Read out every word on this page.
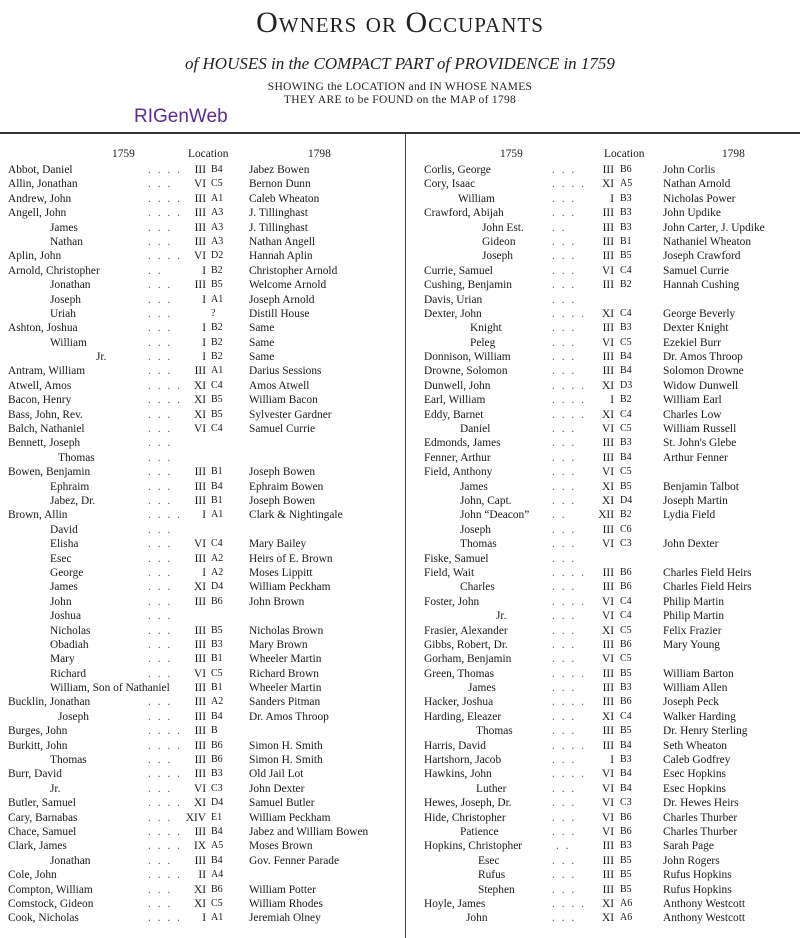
Owners or Occupants
of HOUSES in the COMPACT PART of PROVIDENCE in 1759
SHOWING the LOCATION and IN WHOSE NAMES
THEY ARE to be FOUND on the MAP of 1798
RIGenWeb
1759	Location	1798
Abbot, Daniel	. . . .	III B4 Jabez Bowen
Allin, Jonathan	. . .	VI C5 Bernon Dunn
Andrew, John	. . . .	III A1 Caleb Wheaton
Angell, John	. . . .	III A3 J. Tillinghast
James	. . .	III A3 J. Tillinghast
Nathan	. . .	III A3 Nathan Angell
Aplin, John	. . . .	VI D2 Hannah Aplin
Arnold, Christopher	. .	I B2 Christopher Arnold
Jonathan	. . .	III B5 Welcome Arnold
Joseph	. . .	I A1 Joseph Arnold
Uriah	. . .	?	Distill House
Ashton, Joshua	. . .	I B2 Same
William	. . .	I B2 Same
Jr.	. . .	I B2 Same
Antram, William	. . .	III A1 Darius Sessions
Atwell, Amos	. . . .	XI C4 Amos Atwell
Bacon, Henry	. . . .	XI B5 William Bacon
Bass, John, Rev.	. . .	XI B5 Sylvester Gardner
Balch, Nathaniel	. . .	VI C4 Samuel Currie
Bennett, Joseph	. . .
Thomas	. . .
Bowen, Benjamin	. . .	III B1 Joseph Bowen
Ephraim	. . .	III B4 Ephraim Bowen
Jabez, Dr.	. . .	III B1 Joseph Bowen
Brown, Allin	. . . .	I A1 Clark & Nightingale
David	. . .
Elisha	. . .	VI C4 Mary Bailey
Esec	. . .	III A2 Heirs of E. Brown
George	. . .	I A2 Moses Lippitt
James	. . .	XI D4 William Peckham
John	. . .	III B6 John Brown
Joshua	. . .
Nicholas	. . .	III B5 Nicholas Brown
Obadiah	. . .	III B3 Mary Brown
Mary	. . .	III B1 Wheeler Martin
Richard	. . .	VI C5 Richard Brown
William, Son of Nathaniel	III B1 Wheeler Martin
Bucklin, Jonathan	. . .	III A2 Sanders Pitman
Joseph	. . .	III B4 Dr. Amos Throop
Burges, John	. . . .	III B
Burkitt, John	. . . .	III B6 Simon H. Smith
Thomas	. . .	III B6 Simon H. Smith
Burr, David	. . . .	III B3 Old Jail Lot
Jr.	. . .	VI C3 John Dexter
Butler, Samuel	. . . .	XI D4 Samuel Butler
Cary, Barnabas	. . .	XIV E1 William Peckham
Chace, Samuel	. . . .	III B4 Jabez and William Bowen
Clark, James	. . . .	IX A5 Moses Brown
Jonathan	. . .	III B4 Gov. Fenner Parade
Cole, John	. . . .	II A4
Compton, William	. . .	XI B6 William Potter
Comstock, Gideon	. . .	XI C5 William Rhodes
Cook, Nicholas	. . . .	I A1 Jeremiah Olney
1759	Location	1798
Corlis, George	. . .	III B6	John Corlis
Cory, Isaac	. . . .	XI A5	Nathan Arnold
William	. . .	I B3	Nicholas Power
Crawford, Abijah	. . .	III B3	John Updike
John Est. . .	III B3	John Carter, J. Updike
Gideon	. . .	III B1	Nathaniel Wheaton
Joseph	. . .	III B5	Joseph Crawford
Currie, Samuel	. . .	VI C4	Samuel Currie
Cushing, Benjamin	. . .	III B2	Hannah Cushing
Davis, Urian	. . .
Dexter, John	. . . .	XI C4	George Beverly
Knight	. . .	III B3	Dexter Knight
Peleg	. . .	VI C5	Ezekiel Burr
Donnison, William	. . .	III B4	Dr. Amos Throop
Drowne, Solomon	. . .	III B4	Solomon Drowne
Dunwell, John	. . . .	XI D3	Widow Dunwell
Earl, William	. . . .	I B2	William Earl
Eddy, Barnet	. . . .	XI C4	Charles Low
Daniel	. . .	VI C5	William Russell
Edmonds, James	. . .	III B3	St. John's Glebe
Fenner, Arthur	. . .	III B4	Arthur Fenner
Field, Anthony	. . .	VI C5
James	. . .	XI B5	Benjamin Talbot
John, Capt.	. . .	XI D4	Joseph Martin
John “Deacon” . .	XII B2	Lydia Field
Joseph	. . .	III C6
Thomas	. . .	VI C3	John Dexter
Fiske, Samuel	. . .
Field, Wait	. . . .	III B6	Charles Field Heirs
Charles	. . .	III B6	Charles Field Heirs
Foster, John	. . . .	VI C4	Philip Martin
Jr.	. . .	VI C4	Philip Martin
Frasier, Alexander	. . .	XI C5	Felix Frazier
Gibbs, Robert, Dr.	. . .	III B6	Mary Young
Gorham, Benjamin	. . .	VI C5
Green, Thomas	. . . .	III B5	William Barton
James	. . .	III B3	William Allen
Hacker, Joshua	. . . .	III B6	Joseph Peck
Harding, Eleazer	. . .	XI C4	Walker Harding
Thomas	. . .	III B5	Dr. Henry Sterling
Harris, David	. . . .	III B4	Seth Wheaton
Hartshorn, Jacob	. . .	I B3	Caleb Godfrey
Hawkins, John	. . . .	VI B4	Esec Hopkins
Luther	. . .	VI B4	Esec Hopkins
Hewes, Joseph, Dr.	. . .	VI C3	Dr. Hewes Heirs
Hide, Christopher	. . .	VI B6	Charles Thurber
Patience	. . .	VI B6	Charles Thurber
Hopkins, Christopher	. .	III B3	Sarah Page
Esec	. . .	III B5	John Rogers
Rufus	. . .	III B5	Rufus Hopkins
Stephen	. . .	III B5	Rufus Hopkins
Hoyle, James	. . . .	XI A6	Anthony Westcott
John	. . .	XI A6	Anthony Westcott
